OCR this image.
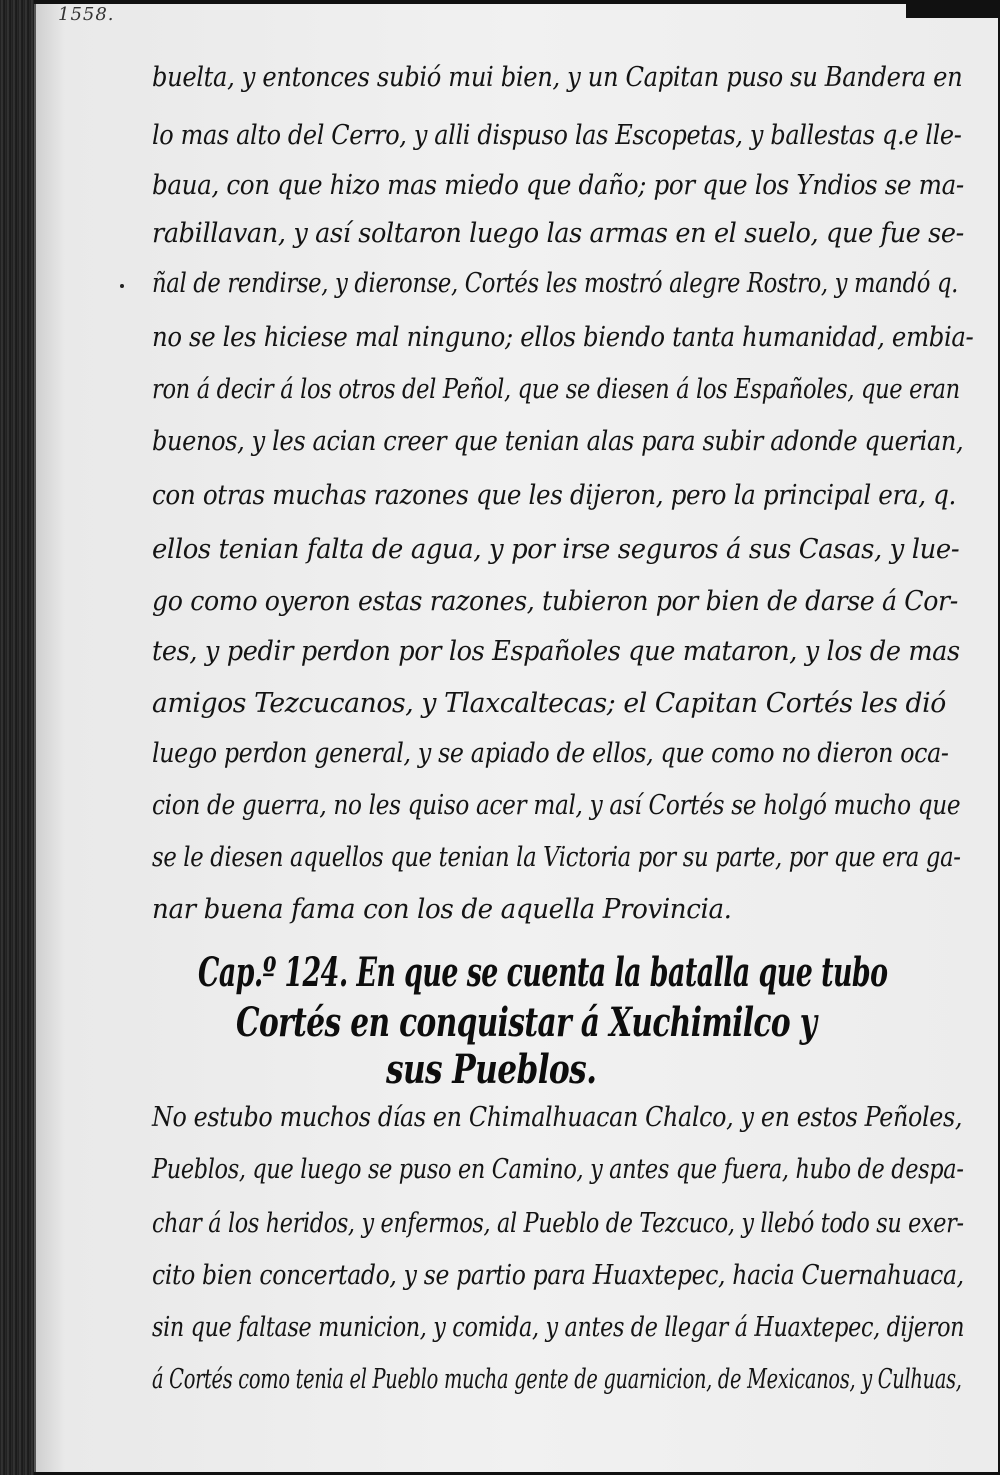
1558.
buelta, y entonces subió mui bien, y un Capitan puso su Bandera en
lo mas alto del Cerro, y alli dispuso las Escopetas, y ballestas q.e lle-
baua, con que hizo mas miedo que daño; por que los Yndios se ma-
rabillavan, y así soltaron luego las armas en el suelo, que fue se-
ñal de rendirse, y dieronse, Cortés les mostró alegre Rostro, y mandó q.
no se les hiciese mal ninguno; ellos biendo tanta humanidad, embia-
ron á decir á los otros del Peñol, que se diesen á los Españoles, que eran
buenos, y les acian creer que tenian alas para subir adonde querian,
con otras muchas razones que les dijeron, pero la principal era, q.
ellos tenian falta de agua, y por irse seguros á sus Casas, y lue-
go como oyeron estas razones, tubieron por bien de darse á Cor-
tes, y pedir perdon por los Españoles que mataron, y los de mas
amigos Tezcucanos, y Tlaxcaltecas; el Capitan Cortés les dió
luego perdon general, y se apiado de ellos, que como no dieron oca-
cion de guerra, no les quiso acer mal, y así Cortés se holgó mucho que
se le diesen aquellos que tenian la Victoria por su parte, por que era ga-
nar buena fama con los de aquella Provincia.
Cap.º 124. En que se cuenta la batalla que tubo
Cortés en conquistar á Xuchimilco y
sus Pueblos.
No estubo muchos días en Chimalhuacan Chalco, y en estos Peñoles,
Pueblos, que luego se puso en Camino, y antes que fuera, hubo de despa-
char á los heridos, y enfermos, al Pueblo de Tezcuco, y llebó todo su exer-
cito bien concertado, y se partio para Huaxtepec, hacia Cuernahuaca,
sin que faltase municion, y comida, y antes de llegar á Huaxtepec, dijeron
á Cortés como tenia el Pueblo mucha gente de guarnicion, de Mexicanos, y Culhuas,
